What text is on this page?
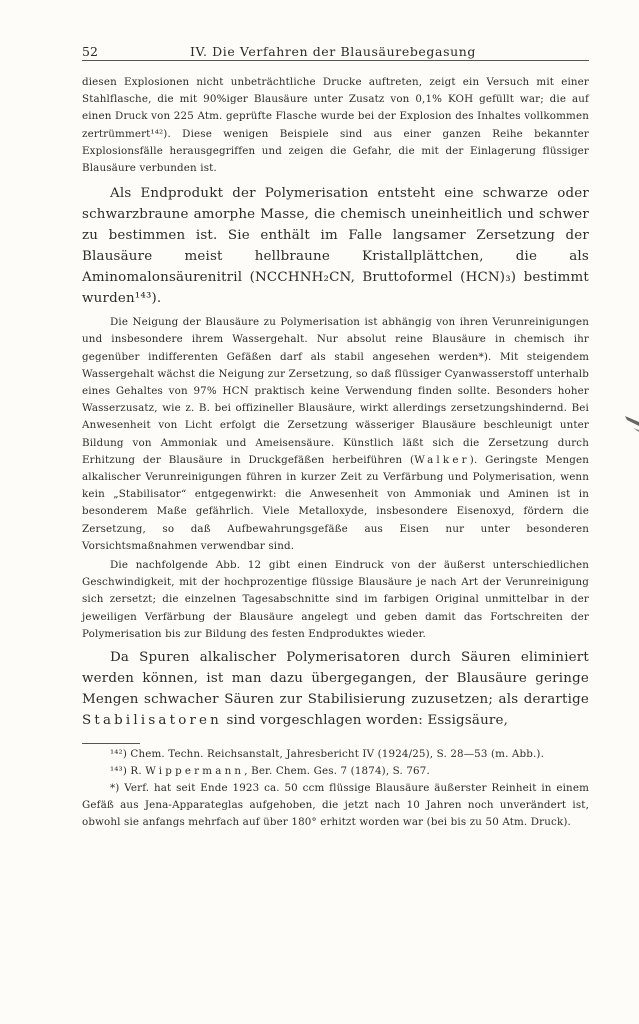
52	IV. Die Verfahren der Blausäurebegasung

diesen Explosionen nicht unbeträchtliche Drucke auftreten, zeigt ein Versuch mit einer Stahlflasche, die mit 90%iger Blausäure unter Zusatz von 0,1% KOH gefüllt war; die auf einen Druck von 225 Atm. geprüfte Flasche wurde bei der Explosion des Inhaltes vollkommen zertrümmert¹⁴²). Diese wenigen Beispiele sind aus einer ganzen Reihe bekannter Explosionsfälle herausgegriffen und zeigen die Gefahr, die mit der Einlagerung flüssiger Blausäure verbunden ist.

Als Endprodukt der Polymerisation entsteht eine schwarze oder schwarzbraune amorphe Masse, die chemisch uneinheitlich und schwer zu bestimmen ist. Sie enthält im Falle langsamer Zersetzung der Blausäure meist hellbraune Kristallplättchen, die als Aminomalonsäurenitril (NCCHNH₂CN, Bruttoformel (HCN)₃) bestimmt wurden¹⁴³).

Die Neigung der Blausäure zu Polymerisation ist abhängig von ihren Verunreinigungen und insbesondere ihrem Wassergehalt. Nur absolut reine Blausäure in chemisch ihr gegenüber indifferenten Gefäßen darf als stabil angesehen werden*). Mit steigendem Wassergehalt wächst die Neigung zur Zersetzung, so daß flüssiger Cyanwasserstoff unterhalb eines Gehaltes von 97% HCN praktisch keine Verwendung finden sollte. Besonders hoher Wasserzusatz, wie z. B. bei offizineller Blausäure, wirkt allerdings zersetzungshindernd. Bei Anwesenheit von Licht erfolgt die Zersetzung wässeriger Blausäure beschleunigt unter Bildung von Ammoniak und Ameisensäure. Künstlich läßt sich die Zersetzung durch Erhitzung der Blausäure in Druckgefäßen herbeiführen (Walker). Geringste Mengen alkalischer Verunreinigungen führen in kurzer Zeit zu Verfärbung und Polymerisation, wenn kein „Stabilisator“ entgegenwirkt: die Anwesenheit von Ammoniak und Aminen ist in besonderem Maße gefährlich. Viele Metalloxyde, insbesondere Eisenoxyd, fördern die Zersetzung, so daß Aufbewahrungsgefäße aus Eisen nur unter besonderen Vorsichtsmaßnahmen verwendbar sind.

Die nachfolgende Abb. 12 gibt einen Eindruck von der äußerst unterschiedlichen Geschwindigkeit, mit der hochprozentige flüssige Blausäure je nach Art der Verunreinigung sich zersetzt; die einzelnen Tagesabschnitte sind im farbigen Original unmittelbar in der jeweiligen Verfärbung der Blausäure angelegt und geben damit das Fortschreiten der Polymerisation bis zur Bildung des festen Endproduktes wieder.

Da Spuren alkalischer Polymerisatoren durch Säuren eliminiert werden können, ist man dazu übergegangen, der Blausäure geringe Mengen schwacher Säuren zur Stabilisierung zuzusetzen; als derartige Stabilisatoren sind vorgeschlagen worden: Essigsäure,

¹⁴²) Chem. Techn. Reichsanstalt, Jahresbericht IV (1924/25), S. 28—53 (m. Abb.).

¹⁴³) R. Wippermann, Ber. Chem. Ges. 7 (1874), S. 767.

*) Verf. hat seit Ende 1923 ca. 50 ccm flüssige Blausäure äußerster Reinheit in einem Gefäß aus Jena-Apparateglas aufgehoben, die jetzt nach 10 Jahren noch unverändert ist, obwohl sie anfangs mehrfach auf über 180° erhitzt worden war (bei bis zu 50 Atm. Druck).
